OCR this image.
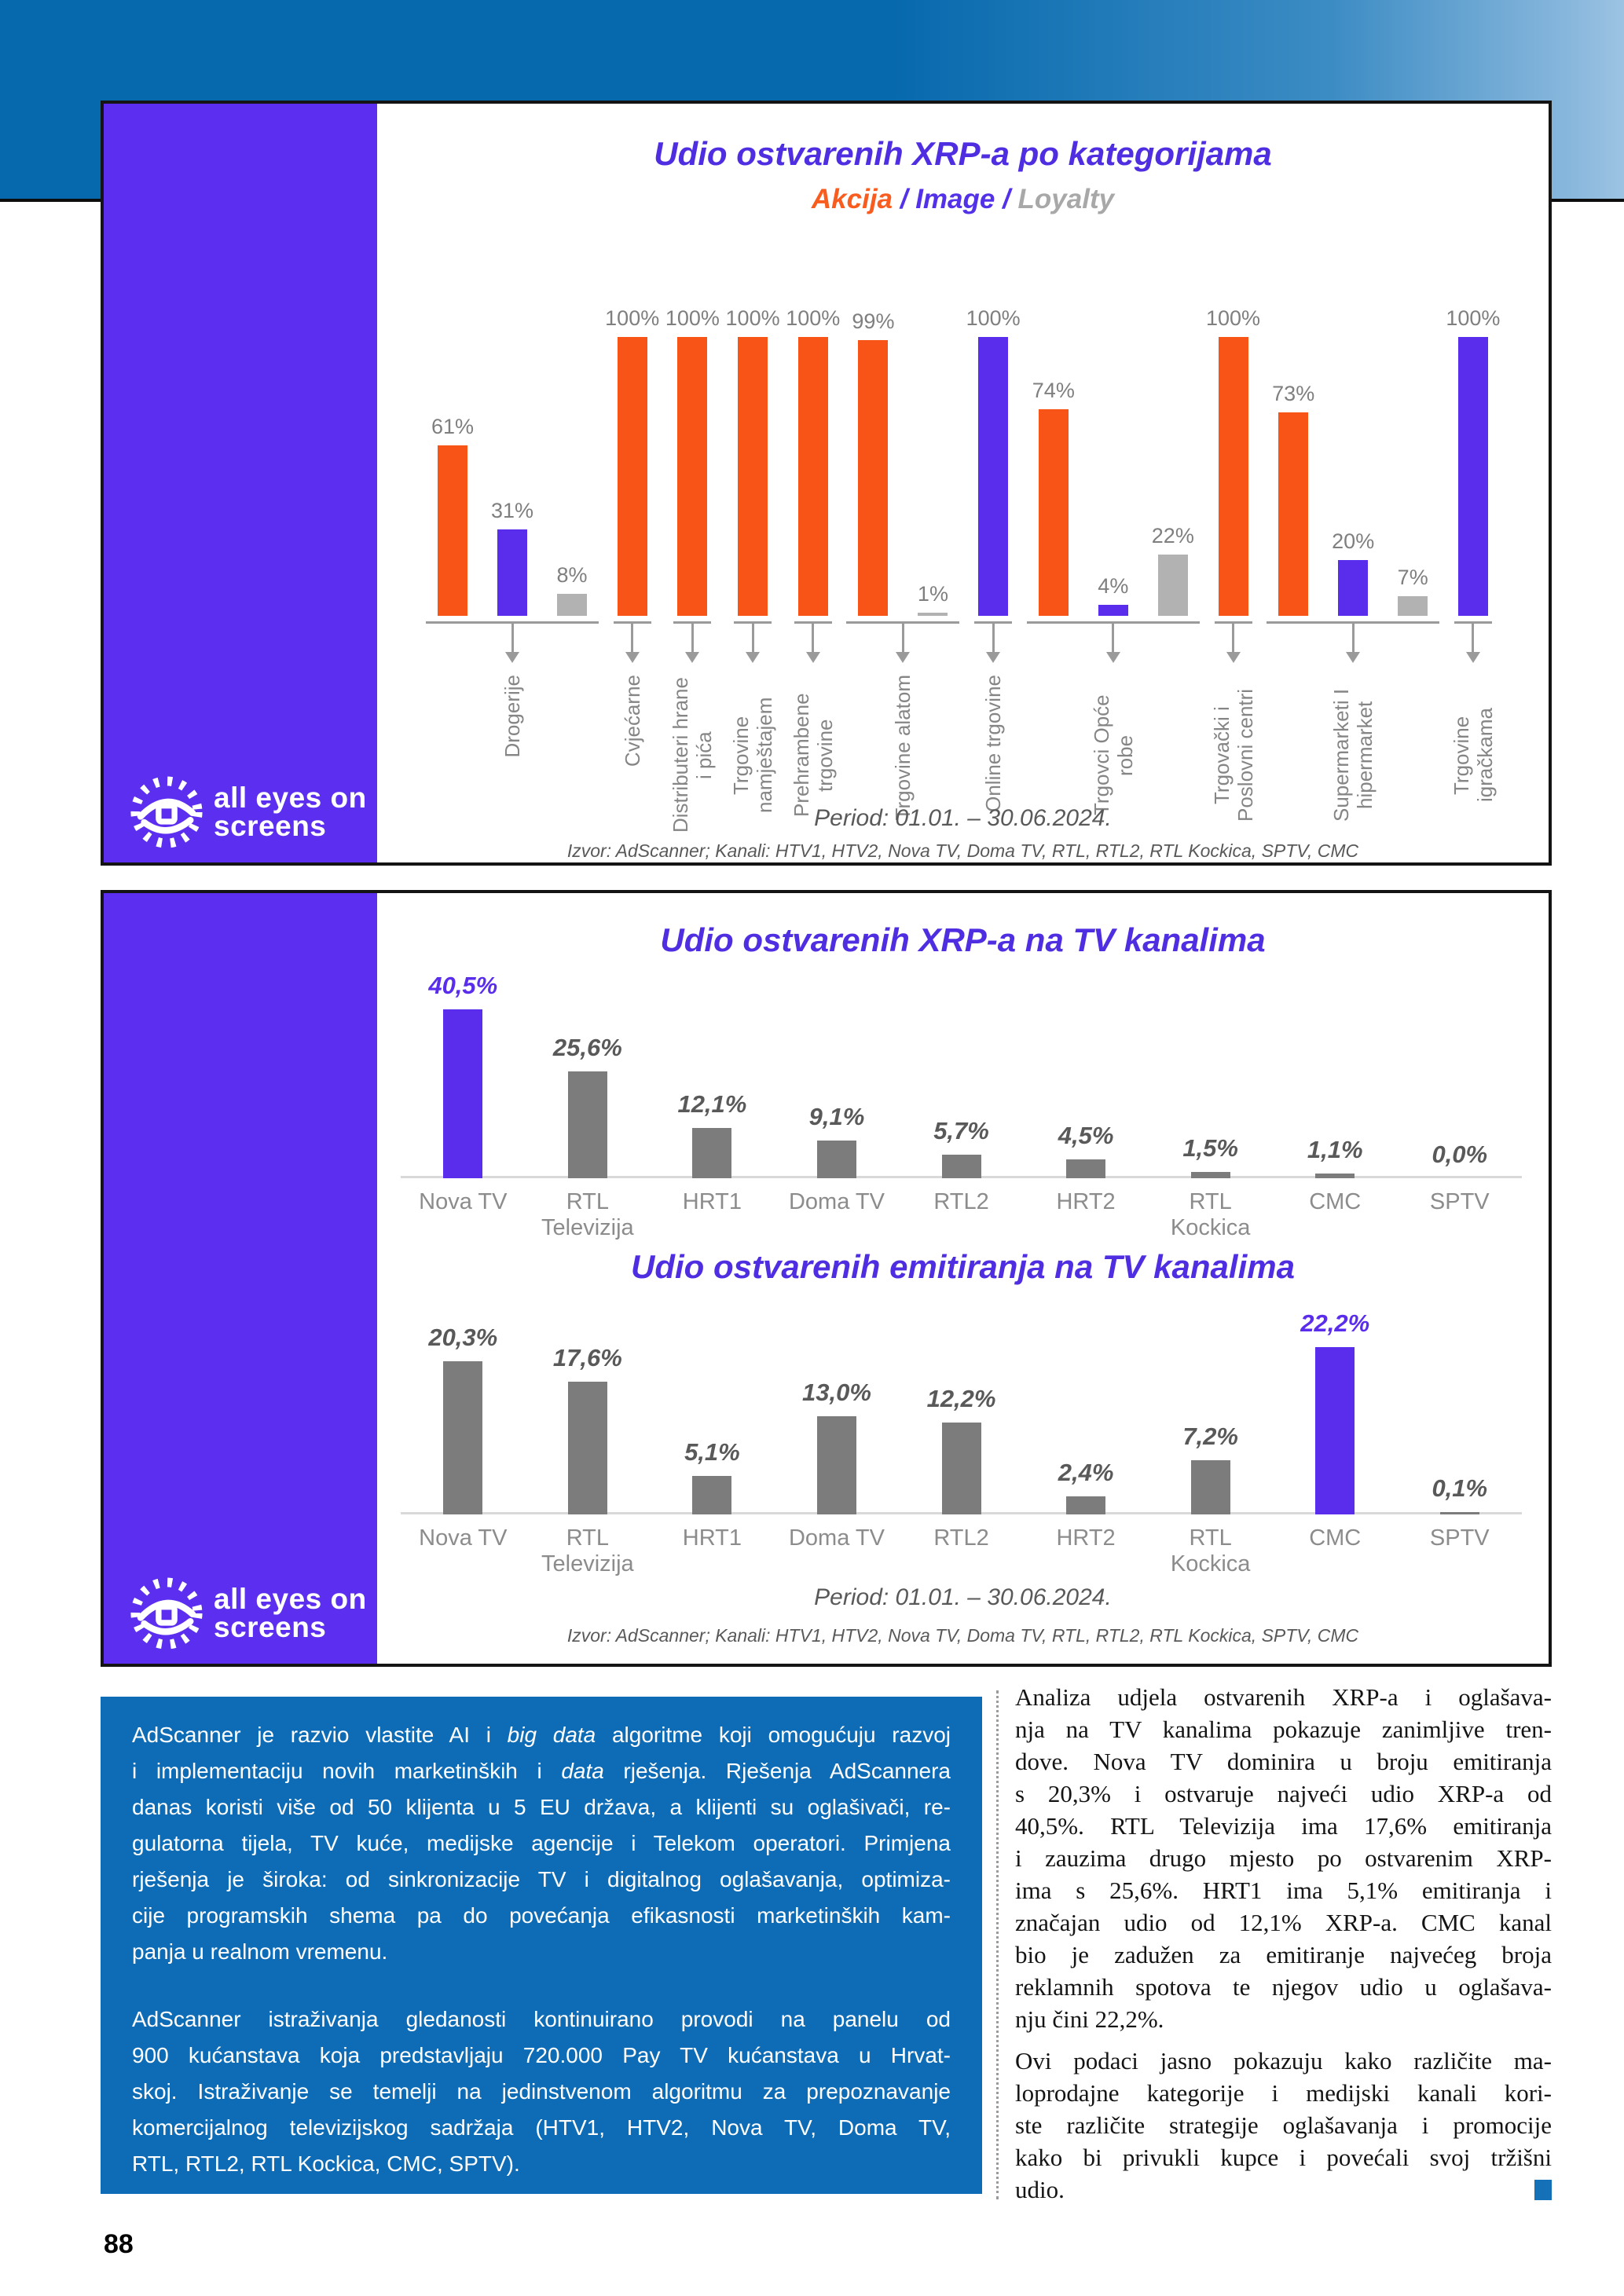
all eyes on
screens
Udio ostvarenih XRP-a po kategorijama
Akcija / Image / Loyalty
61%
31%
8%
Drogerije
100%
Cvjećarne
100%
Distributeri hrane i pića
100%
Trgovine namještajem
100%
Prehrambene trgovine
99%
1%
Trgovine alatom
100%
Online trgovine
74%
4%
22%
Trgovci Opće robe
100%
Trgovački i Poslovni centri
73%
20%
7%
Supermarketi I hipermarket
100%
Trgovine igračkama
Period: 01.01. – 30.06.2024.
Izvor: AdScanner; Kanali: HTV1, HTV2, Nova TV, Doma TV, RTL, RTL2, RTL Kockica, SPTV, CMC
all eyes on
screens
Udio ostvarenih XRP-a na TV kanalima
40,5%
25,6%
12,1%	9,1%
5,7%	4,5%	1,5%	1,1%	0,0%
Nova TV	RTL Televizija
HRT1	Doma TV	RTL2	HRT2	RTL Kockica
CMC	SPTV
Udio ostvarenih emitiranja na TV kanalima
20,3%
17,6%
5,1%
13,0%	12,2%
2,4%
7,2%
22,2%
0,1%
Nova TV	RTL Televizija
HRT1	Doma TV	RTL2	HRT2	RTL Kockica
CMC	SPTV
Period: 01.01. – 30.06.2024.
Izvor: AdScanner; Kanali: HTV1, HTV2, Nova TV, Doma TV, RTL, RTL2, RTL Kockica, SPTV, CMC
AdScanner je razvio vlastite AI i big data algoritme koji omogućuju razvoj
i implementaciju novih marketinških i data rješenja. Rješenja AdScannera
danas koristi više od 50 klijenta u 5 EU država, a klijenti su oglašivači, re-
gulatorna tijela, TV kuće, medijske agencije i Telekom operatori. Primjena
rješenja je široka: od sinkronizacije TV i digitalnog oglašavanja, optimiza-
cije programskih shema pa do povećanja efikasnosti marketinških kam-
panja u realnom vremenu.
AdScanner istraživanja gledanosti kontinuirano provodi na panelu od
900 kućanstava koja predstavljaju 720.000 Pay TV kućanstava u Hrvat-
skoj. Istraživanje se temelji na jedinstvenom algoritmu za prepoznavanje
komercijalnog televizijskog sadržaja (HTV1, HTV2, Nova TV, Doma TV,
RTL, RTL2, RTL Kockica, CMC, SPTV).
Analiza udjela ostvarenih XRP-a i oglašava-
nja na TV kanalima pokazuje zanimljive tren-
dove. Nova TV dominira u broju emitiranja
s 20,3% i ostvaruje najveći udio XRP-a od
40,5%. RTL Televizija ima 17,6% emitiranja
i zauzima drugo mjesto po ostvarenim XRP-
ima s 25,6%. HRT1 ima 5,1% emitiranja i
značajan udio od 12,1% XRP-a. CMC kanal
bio je zadužen za emitiranje najvećeg broja
reklamnih spotova te njegov udio u oglašava-
nju čini 22,2%.
Ovi podaci jasno pokazuju kako različite ma-
loprodajne kategorije i medijski kanali kori-
ste različite strategije oglašavanja i promocije
kako bi privukli kupce i povećali svoj tržišni
udio.
88
